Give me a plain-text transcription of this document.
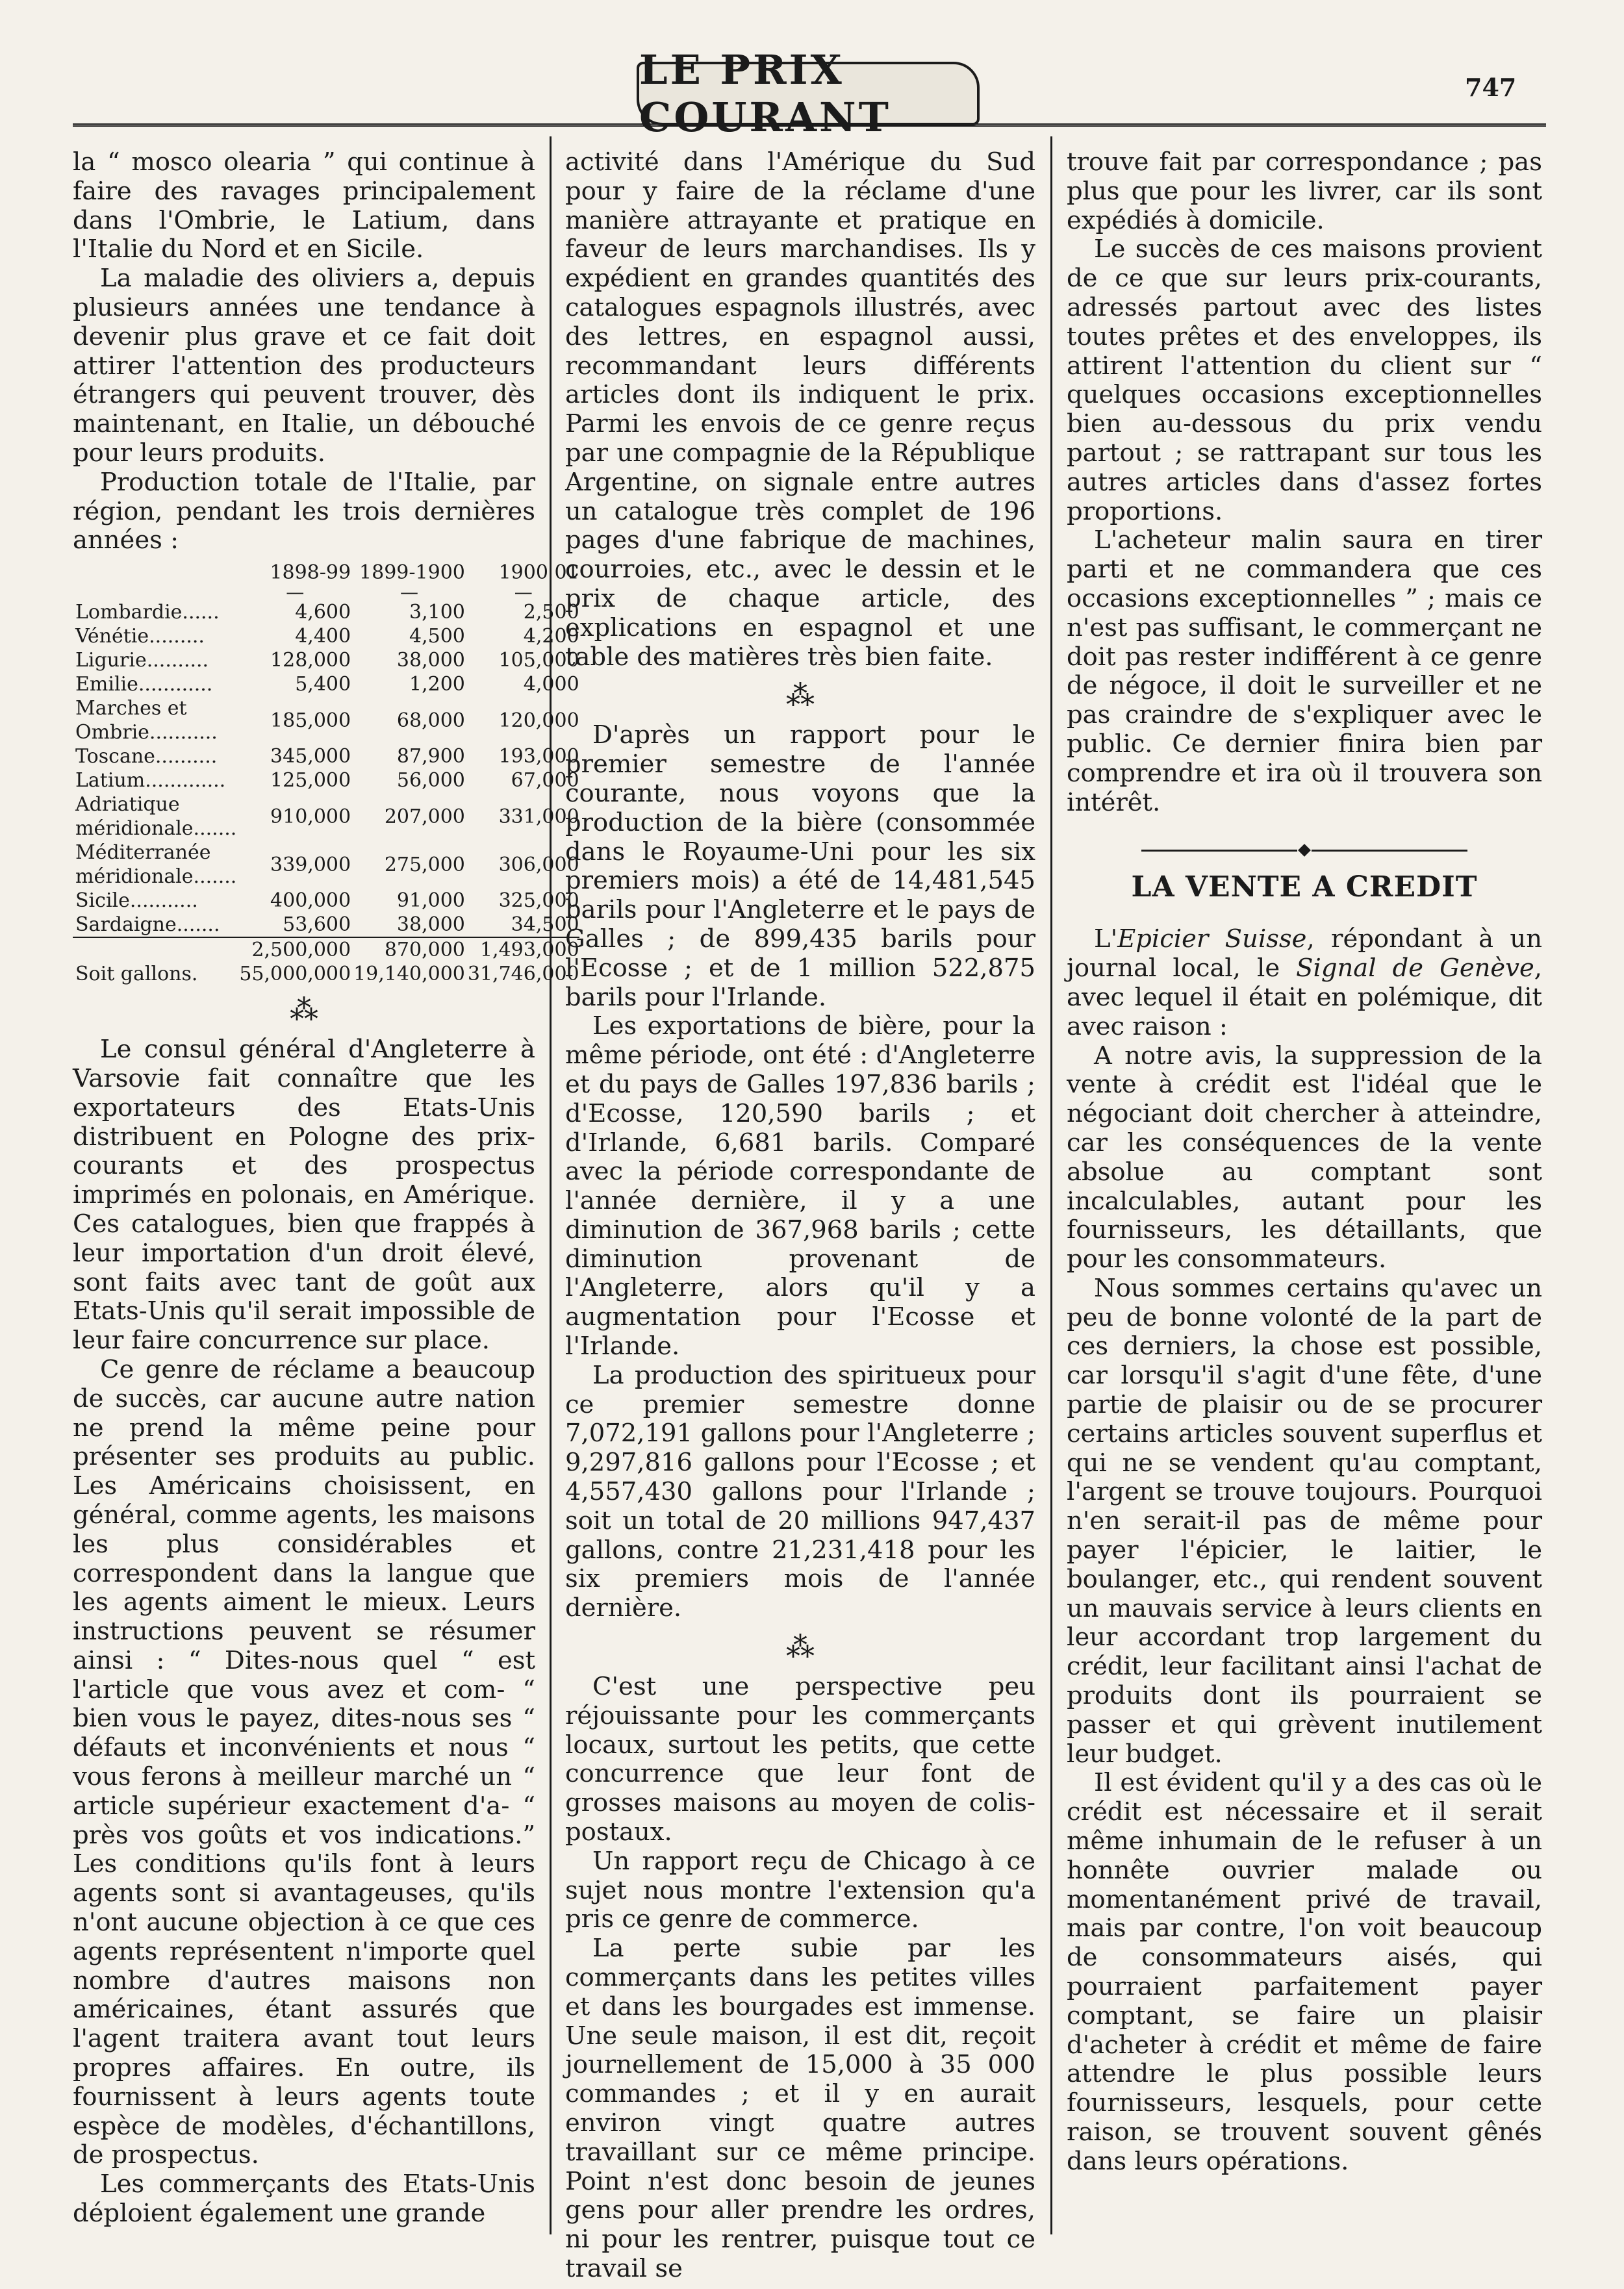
LE PRIX COURANT
747

la “ mosco olearia ” qui continue à faire des ravages principalement dans l'Ombrie, le Latium, dans l'Italie du Nord et en Sicile.

La maladie des oliviers a, depuis plusieurs années une tendance à devenir plus grave et ce fait doit attirer l'attention des producteurs étrangers qui peuvent trouver, dès maintenant, en Italie, un débouché pour leurs produits.

Production totale de l'Italie, par région, pendant les trois dernières années :

	1898-99	1899-1900	1900 01
	—	—	—
Lombardie......	4,600	3,100	2,500
Vénétie.........	4,400	4,500	4,200
Ligurie..........	128,000	38,000	105,000
Emilie............	5,400	1,200	4,000
Marches et Ombrie...........	185,000	68,000	120,000
Toscane..........	345,000	87,900	193,000
Latium.............	125,000	56,000	67,000
Adriatique méridionale.......	910,000	207,000	331,000
Méditerranée méridionale.......	339,000	275,000	306,000
Sicile...........	400,000	91,000	325,000
Sardaigne.......	53,600	38,000	34,500
	2,500,000	870,000	1,493,000
Soit gallons.	55,000,000	19,140,000	31,746,000
⁂

Le consul général d'Angleterre à Varsovie fait connaître que les exportateurs des Etats-Unis distribuent en Pologne des prix-courants et des prospectus imprimés en polonais, en Amérique. Ces catalogues, bien que frappés à leur importation d'un droit élevé, sont faits avec tant de goût aux Etats-Unis qu'il serait impossible de leur faire concurrence sur place.

Ce genre de réclame a beaucoup de succès, car aucune autre nation ne prend la même peine pour présenter ses produits au public. Les Américains choisissent, en général, comme agents, les maisons les plus considérables et correspondent dans la langue que les agents aiment le mieux. Leurs instructions peuvent se résumer ainsi : “ Dites-nous quel “ est l'article que vous avez et com- “ bien vous le payez, dites-nous ses “ défauts et inconvénients et nous “ vous ferons à meilleur marché un “ article supérieur exactement d'a- “ près vos goûts et vos indications.” Les conditions qu'ils font à leurs agents sont si avantageuses, qu'ils n'ont aucune objection à ce que ces agents représentent n'importe quel nombre d'autres maisons non américaines, étant assurés que l'agent traitera avant tout leurs propres affaires. En outre, ils fournissent à leurs agents toute espèce de modèles, d'échantillons, de prospectus.

Les commerçants des Etats-Unis déploient également une grande

activité dans l'Amérique du Sud pour y faire de la réclame d'une manière attrayante et pratique en faveur de leurs marchandises. Ils y expédient en grandes quantités des catalogues espagnols illustrés, avec des lettres, en espagnol aussi, recommandant leurs différents articles dont ils indiquent le prix. Parmi les envois de ce genre reçus par une compagnie de la République Argentine, on signale entre autres un catalogue très complet de 196 pages d'une fabrique de machines, courroies, etc., avec le dessin et le prix de chaque article, des explications en espagnol et une table des matières très bien faite.

⁂

D'après un rapport pour le premier semestre de l'année courante, nous voyons que la production de la bière (consommée dans le Royaume-Uni pour les six premiers mois) a été de 14,481,545 barils pour l'Angleterre et le pays de Galles ; de 899,435 barils pour l'Ecosse ; et de 1 million 522,875 barils pour l'Irlande.

Les exportations de bière, pour la même période, ont été : d'Angleterre et du pays de Galles 197,836 barils ; d'Ecosse, 120,590 barils ; et d'Irlande, 6,681 barils. Comparé avec la période correspondante de l'année dernière, il y a une diminution de 367,968 barils ; cette diminution provenant de l'Angleterre, alors qu'il y a augmentation pour l'Ecosse et l'Irlande.

La production des spiritueux pour ce premier semestre donne 7,072,191 gallons pour l'Angleterre ; 9,297,816 gallons pour l'Ecosse ; et 4,557,430 gallons pour l'Irlande ; soit un total de 20 millions 947,437 gallons, contre 21,231,418 pour les six premiers mois de l'année dernière.

⁂

C'est une perspective peu réjouissante pour les commerçants locaux, surtout les petits, que cette concurrence que leur font de grosses maisons au moyen de colis-postaux.

Un rapport reçu de Chicago à ce sujet nous montre l'extension qu'a pris ce genre de commerce.

La perte subie par les commerçants dans les petites villes et dans les bourgades est immense. Une seule maison, il est dit, reçoit journellement de 15,000 à 35 000 commandes ; et il y en aurait environ vingt quatre autres travaillant sur ce même principe. Point n'est donc besoin de jeunes gens pour aller prendre les ordres, ni pour les rentrer, puisque tout ce travail se

trouve fait par correspondance ; pas plus que pour les livrer, car ils sont expédiés à domicile.

Le succès de ces maisons provient de ce que sur leurs prix-courants, adressés partout avec des listes toutes prêtes et des enveloppes, ils attirent l'attention du client sur “ quelques occasions exceptionnelles bien au-dessous du prix vendu partout ; se rattrapant sur tous les autres articles dans d'assez fortes proportions.

L'acheteur malin saura en tirer parti et ne commandera que ces occasions exceptionnelles ” ; mais ce n'est pas suffisant, le commerçant ne doit pas rester indifférent à ce genre de négoce, il doit le surveiller et ne pas craindre de s'expliquer avec le public. Ce dernier finira bien par comprendre et ira où il trouvera son intérêt.

LA VENTE A CREDIT

L'Epicier Suisse, répondant à un journal local, le Signal de Genève, avec lequel il était en polémique, dit avec raison :

A notre avis, la suppression de la vente à crédit est l'idéal que le négociant doit chercher à atteindre, car les conséquences de la vente absolue au comptant sont incalculables, autant pour les fournisseurs, les détaillants, que pour les consommateurs.

Nous sommes certains qu'avec un peu de bonne volonté de la part de ces derniers, la chose est possible, car lorsqu'il s'agit d'une fête, d'une partie de plaisir ou de se procurer certains articles souvent superflus et qui ne se vendent qu'au comptant, l'argent se trouve toujours. Pourquoi n'en serait-il pas de même pour payer l'épicier, le laitier, le boulanger, etc., qui rendent souvent un mauvais service à leurs clients en leur accordant trop largement du crédit, leur facilitant ainsi l'achat de produits dont ils pourraient se passer et qui grèvent inutilement leur budget.

Il est évident qu'il y a des cas où le crédit est nécessaire et il serait même inhumain de le refuser à un honnête ouvrier malade ou momentanément privé de travail, mais par contre, l'on voit beaucoup de consommateurs aisés, qui pourraient parfaitement payer comptant, se faire un plaisir d'acheter à crédit et même de faire attendre le plus possible leurs fournisseurs, lesquels, pour cette raison, se trouvent souvent gênés dans leurs opérations.
